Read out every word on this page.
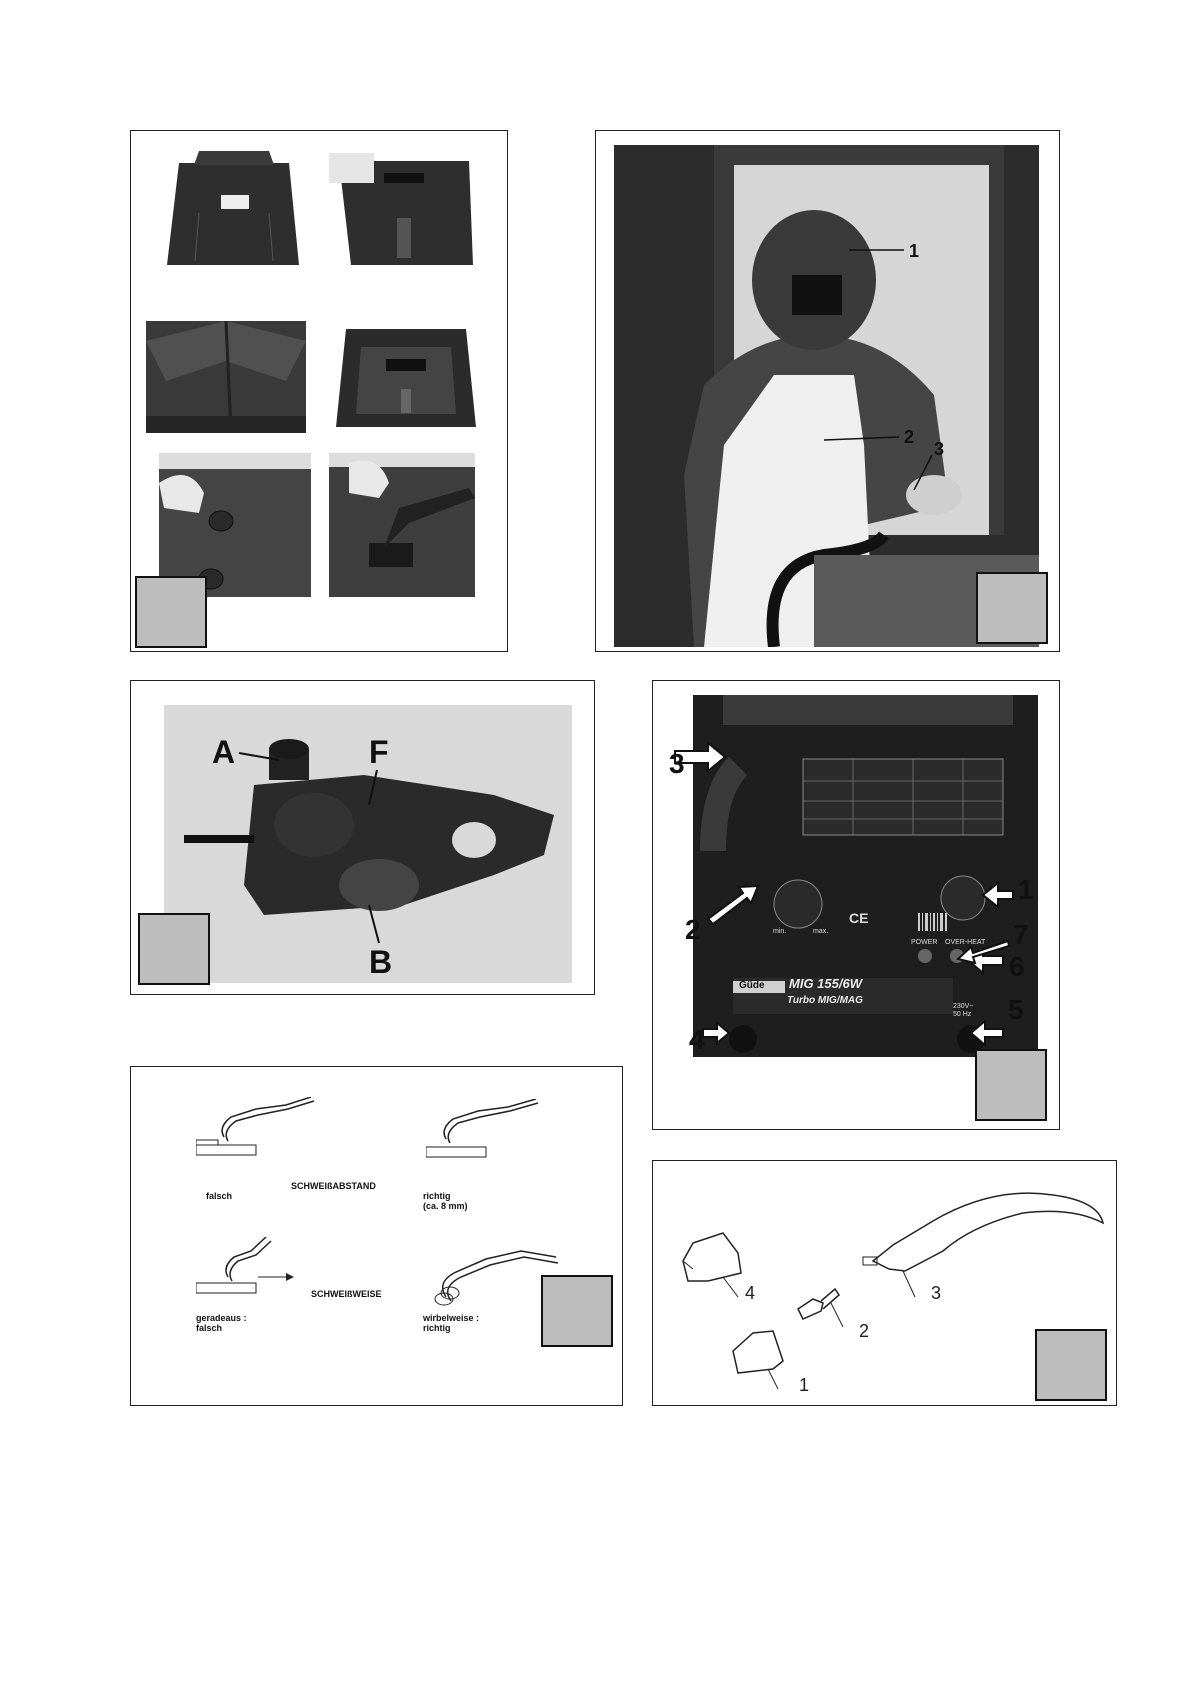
1
2
3
A	F
B
3
1
2	7
6
4
5
Güde MIG 155/6W
Turbo MIG/MAG
POWER OVER-HEAT
230V~
50 Hz
min.	max.
CE
SCHWEIßABSTAND
falsch	richtig
(ca. 8 mm)
SCHWEIßWEISE
geradeaus :
falsch
wirbelweise :
richtig
4
1
2
3
